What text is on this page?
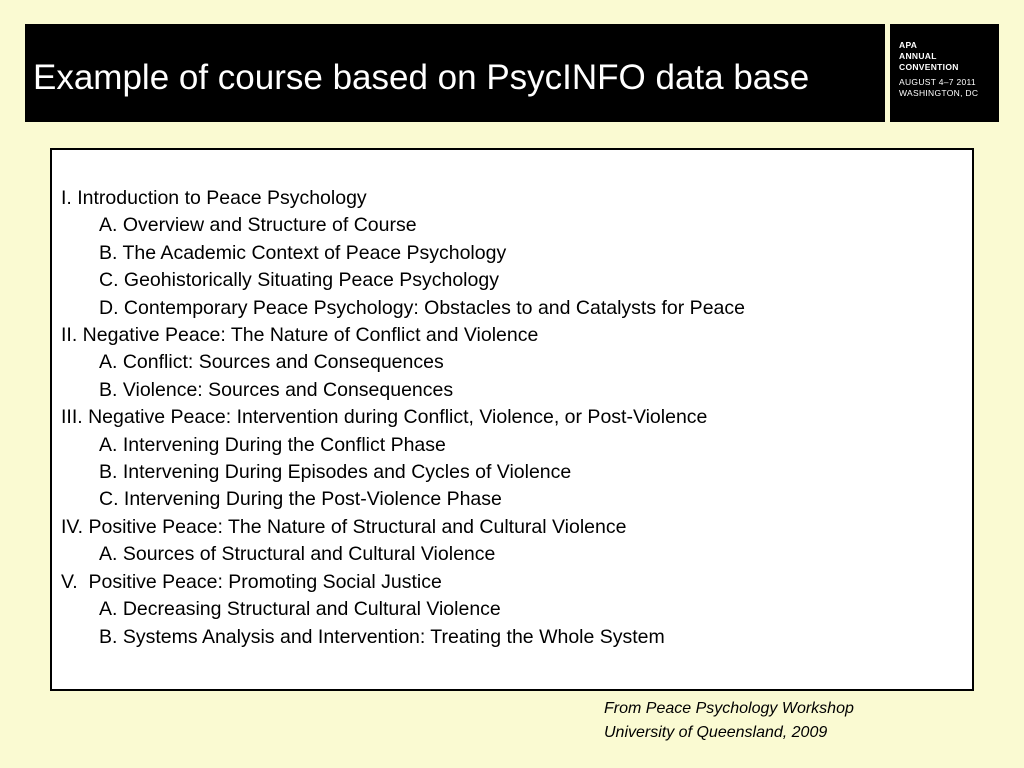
Example of course based on PsycINFO data base
APA
ANNUAL
CONVENTION
AUGUST 4–7 2011
WASHINGTON, DC
I. Introduction to Peace Psychology
A. Overview and Structure of Course
B. The Academic Context of Peace Psychology
C. Geohistorically Situating Peace Psychology
D. Contemporary Peace Psychology: Obstacles to and Catalysts for Peace
II. Negative Peace: The Nature of Conflict and Violence
A. Conflict: Sources and Consequences
B. Violence: Sources and Consequences
III. Negative Peace: Intervention during Conflict, Violence, or Post-Violence
A. Intervening During the Conflict Phase
B. Intervening During Episodes and Cycles of Violence
C. Intervening During the Post-Violence Phase
IV. Positive Peace: The Nature of Structural and Cultural Violence
A. Sources of Structural and Cultural Violence
V.  Positive Peace: Promoting Social Justice
A. Decreasing Structural and Cultural Violence
B. Systems Analysis and Intervention: Treating the Whole System
From Peace Psychology Workshop
University of Queensland, 2009
